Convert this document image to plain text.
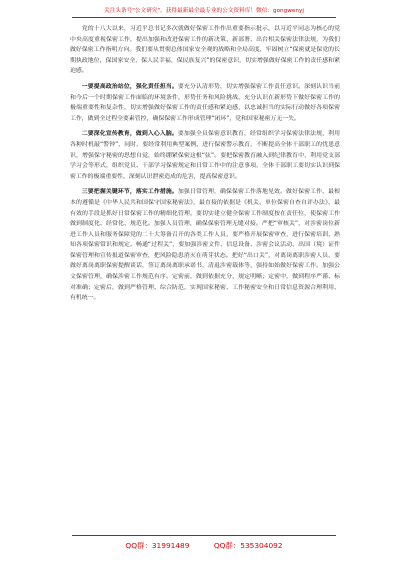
关注头条号"公文研究"，获得最新最全最专业的公文资料库！微信：gongwenyj

党的十八大以来，习近平总书记多次就做好保密工作作出重要指示批示，以习近平同志为核心的党中央高度重视保密工作，提出加强和改进保密工作的新决策、新部署，出台相关保密法律法规，为我们做好保密工作指明方向。我们要从贯彻总体国家安全观的战略和全局高度，牢固树立“保密就是保党的长期执政地位，保国家安全，保人民幸福，保民族复兴”的保密意识，切实增强做好保密工作的责任感和紧迫感。

一要提高政治站位，强化责任担当。要充分认清形势，切实增强保密工作责任意识。深刻认识当前和今后一个时期保密工作面临的环境条件，形势任务和风险挑战，充分认识在新形势下做好保密工作的极端重要性和复杂性，切实增强做好保密工作的责任感和紧迫感，以忠诚担当的实际行动做好各项保密工作，做到全过程全要素管控，确保保密工作形成管理“闭环”，党和国家秘密万无一失。

二要深化宣传教育，做到入心入脑。要加强全员保密意识教育，经常组织学习保密法律法规，利用各种时机敲“警钟”，同时，要经常利用典型案例，进行保密警示教育，不断提高全体干部职工的忧患意识，增强保守秘密的思想自觉，始终绷紧保密这根“弦”。要把保密教育融入到纪律教育中，利用党支部学习会等形式，组织党员、干部学习保密规定和日常工作中的注意事项，全体干部职工要切实认识到保密工作的极端重要性，深刻认识泄密造成的危害，提高保密意识。

三要把握关键环节，落实工作措施。加强日常管理，确保保密工作落地见效。做好保密工作，最根本的遵循是《中华人民共和国保守国家秘密法》，最直接的依据是《机关、单位保密自查自评办法》，最有效的手段是抓好日常保密工作的精细化管理。要切实建立健全保密工作制度按在责任位，使保密工作做到制度化、经常化、规范化。加强人员管理，确保保密管理无缝对接。严把“审核关”，对涉密岗位新进工作人员和服务保障党的二十大筹备召开的各类工作人员，要严格开展保密审查，进行保密培训，熟知各项保密常识和规定。畅通“过程关”，要加强涉密文件、信息设备、涉密会议活动、出国（境）证件保密管理和宣传报道保密审查，把风险隐患消灭在萌芽状态。把好“出口关”，对离岗离职涉密人员，要做好离岗离职保密提醒谈话，签订离岗离职承诺书，清退涉密载体等，强持如始做好保密工作。加强公文保密管理，确保涉密工作规范有序。定密前，做到依据充分，规定明晰；定密中，做到程序严谨、标对准确；定密后，做到严格管理、综合防范，实现国家秘密、工作秘密安全和日常信息资源合理利用、有机统一。

QQ群：31991489	QQ群：535304092
